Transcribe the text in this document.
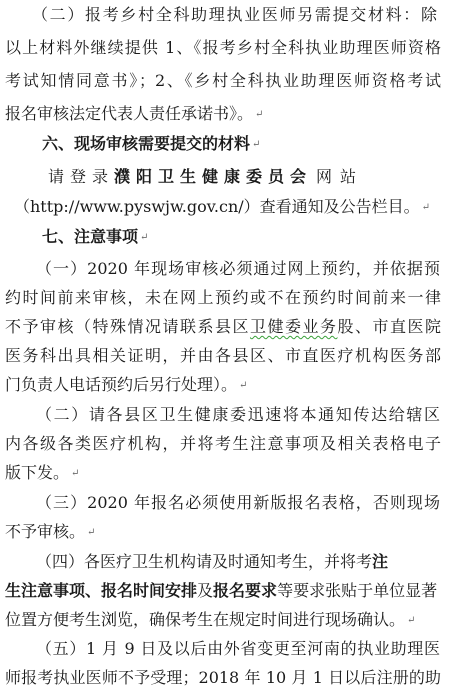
（二）报考乡村全科助理执业医师另需提交材料：除
以上材料外继续提供 1、《报考乡村全科执业助理医师资格
考试知情同意书》；2、《乡村全科执业助理医师资格考试
报名审核法定代表人责任承诺书》。 ↵
六、现场审核需要提交的材料 ↵
请登录濮阳卫生健康委员会 网站
（http://www.pyswjw.gov.cn/）查看通知及公告栏目。 ↵
七、注意事项 ↵
（一）2020 年现场审核必须通过网上预约，并依据预
约时间前来审核，未在网上预约或不在预约时间前来一律
不予审核（特殊情况请联系县区卫健委业务股、市直医院
医务科出具相关证明，并由各县区、市直医疗机构医务部
门负责人电话预约后另行处理）。 ↵
（二）请各县区卫生健康委迅速将本通知传达给辖区
内各级各类医疗机构，并将考生注意事项及相关表格电子
版下发。 ↵
（三）2020 年报名必须使用新版报名表格，否则现场
不予审核。 ↵
（四）各医疗卫生机构请及时通知考生，并将考注
生注意事项、报名时间安排及报名要求等要求张贴于单位显著
位置方便考生浏览，确保考生在规定时间进行现场确认。 ↵
（五）1 月 9 日及以后由外省变更至河南的执业助理医
师报考执业医师不予受理；2018 年 10 月 1 日以后注册的助
